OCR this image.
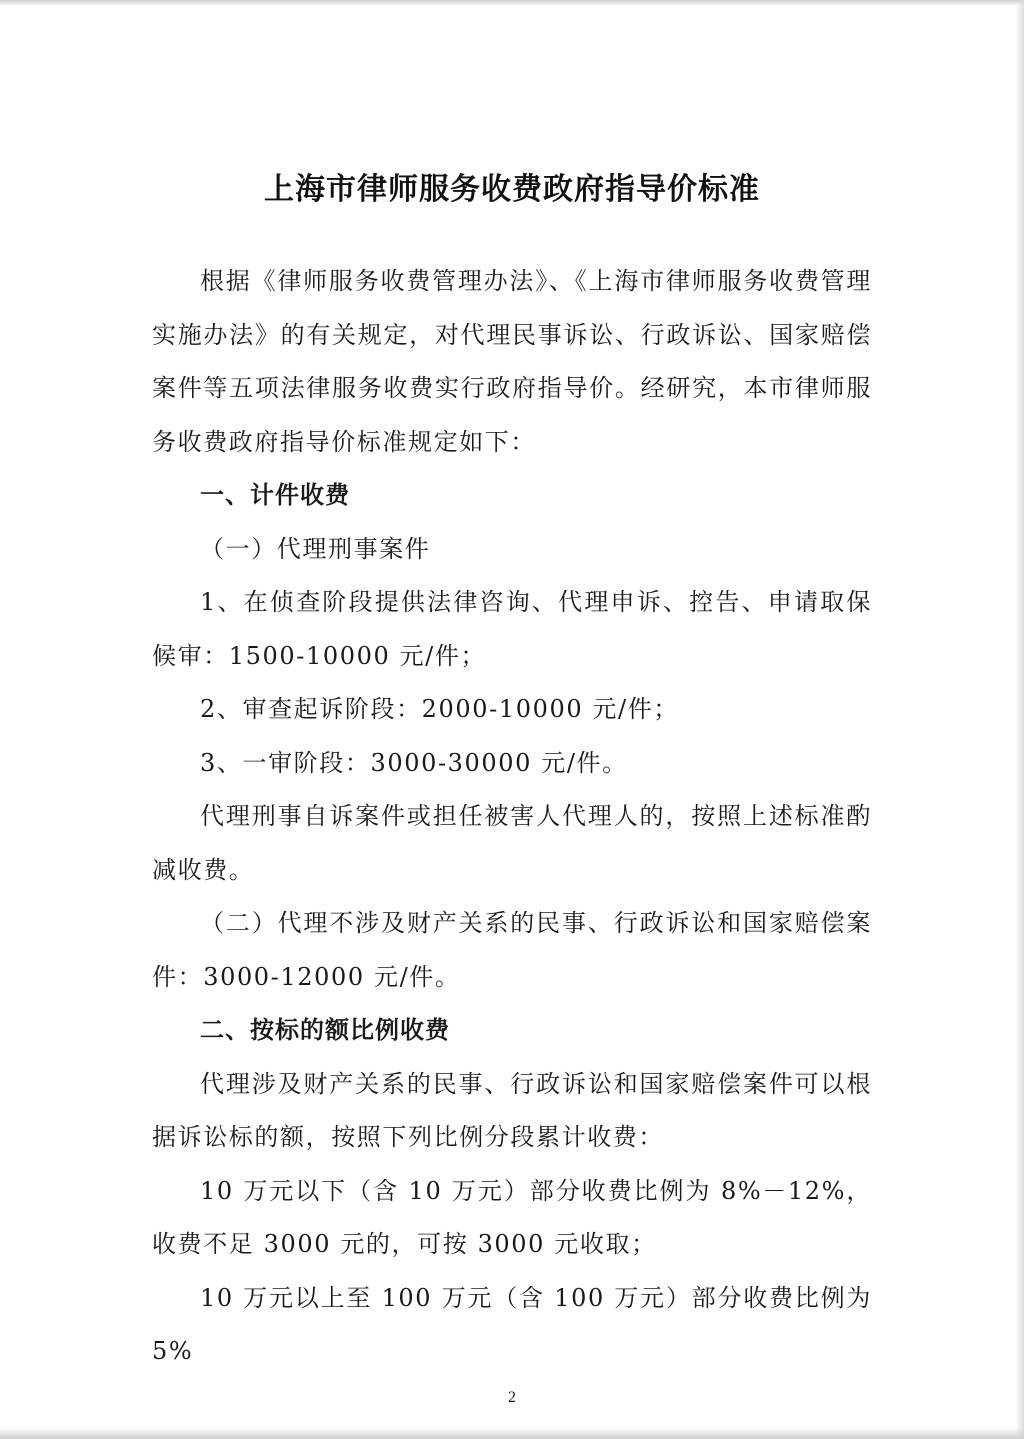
上海市律师服务收费政府指导价标准

根据《律师服务收费管理办法》、《上海市律师服务收费管理实施办法》的有关规定，对代理民事诉讼、行政诉讼、国家赔偿案件等五项法律服务收费实行政府指导价。经研究，本市律师服务收费政府指导价标准规定如下：

一、计件收费

（一）代理刑事案件

1、在侦查阶段提供法律咨询、代理申诉、控告、申请取保候审：1500-10000 元/件；

2、审查起诉阶段：2000-10000 元/件；

3、一审阶段：3000-30000 元/件。

代理刑事自诉案件或担任被害人代理人的，按照上述标准酌减收费。

（二）代理不涉及财产关系的民事、行政诉讼和国家赔偿案件：3000-12000 元/件。

二、按标的额比例收费

代理涉及财产关系的民事、行政诉讼和国家赔偿案件可以根据诉讼标的额，按照下列比例分段累计收费：

10 万元以下（含 10 万元）部分收费比例为 8%－12%，收费不足 3000 元的，可按 3000 元收取；

10 万元以上至 100 万元（含 100 万元）部分收费比例为 5%

2
